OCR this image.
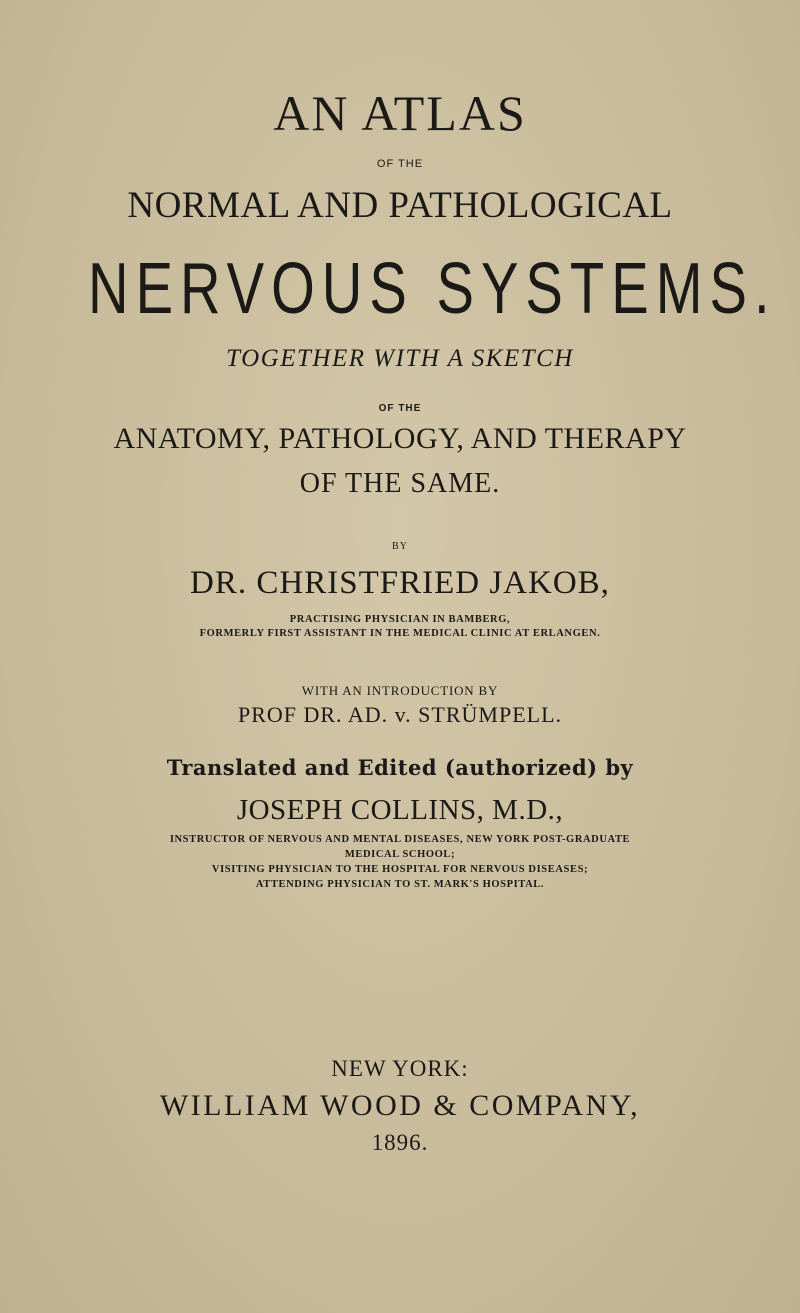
AN ATLAS

OF THE

NORMAL AND PATHOLOGICAL

NERVOUS SYSTEMS.

TOGETHER WITH A SKETCH

OF THE

ANATOMY, PATHOLOGY, AND THERAPY

OF THE SAME.

BY

DR. CHRISTFRIED JAKOB,

PRACTISING PHYSICIAN IN BAMBERG,

FORMERLY FIRST ASSISTANT IN THE MEDICAL CLINIC AT ERLANGEN.

WITH AN INTRODUCTION BY

PROF DR. AD. v. STRÜMPELL.

Translated and Edited (authorized) by

JOSEPH COLLINS, M.D.,

INSTRUCTOR OF NERVOUS AND MENTAL DISEASES, NEW YORK POST-GRADUATE

MEDICAL SCHOOL;

VISITING PHYSICIAN TO THE HOSPITAL FOR NERVOUS DISEASES;

ATTENDING PHYSICIAN TO ST. MARK'S HOSPITAL.

NEW YORK:

WILLIAM WOOD & COMPANY,

1896.
